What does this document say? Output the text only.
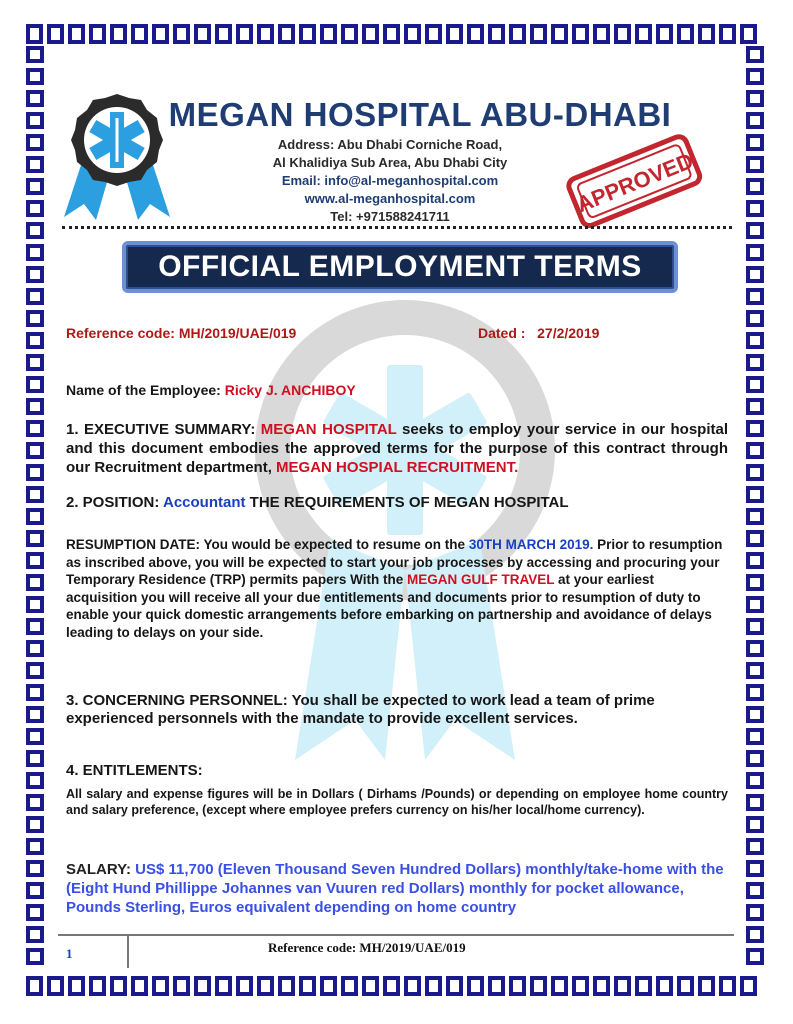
MEGAN HOSPITAL ABU-DHABI
Address: Abu Dhabi Corniche Road,
Al Khalidiya Sub Area, Abu Dhabi City
Email: info@al-meganhospital.com
www.al-meganhospital.com
Tel: +971588241711	APPROVED
OFFICIAL EMPLOYMENT TERMS
Reference code: MH/2019/UAE/019	Dated : 27/2/2019
Name of the Employee: Ricky J. ANCHIBOY
1. EXECUTIVE SUMMARY: MEGAN HOSPITAL seeks to employ your service in our hospital and this document embodies the approved terms for the purpose of this contract through our Recruitment department, MEGAN HOSPIAL RECRUITMENT.
2. POSITION: Accountant THE REQUIREMENTS OF MEGAN HOSPITAL
RESUMPTION DATE: You would be expected to resume on the 30TH MARCH 2019. Prior to resumption as inscribed above, you will be expected to start your job processes by accessing and procuring your Temporary Residence (TRP) permits papers With the MEGAN GULF TRAVEL at your earliest acquisition you will receive all your due entitlements and documents prior to resumption of duty to enable your quick domestic arrangements before embarking on partnership and avoidance of delays leading to delays on your side.
3. CONCERNING PERSONNEL: You shall be expected to work lead a team of prime experienced personnels with the mandate to provide excellent services.
4. ENTITLEMENTS:
All salary and expense figures will be in Dollars ( Dirhams /Pounds) or depending on employee home country and salary preference, (except where employee prefers currency on his/her local/home currency).
SALARY: US$ 11,700 (Eleven Thousand Seven Hundred Dollars) monthly/take-home with the (Eight Hund Phillippe Johannes van Vuuren red Dollars) monthly for pocket allowance, Pounds Sterling, Euros equivalent depending on home country
1	Reference code: MH/2019/UAE/019
